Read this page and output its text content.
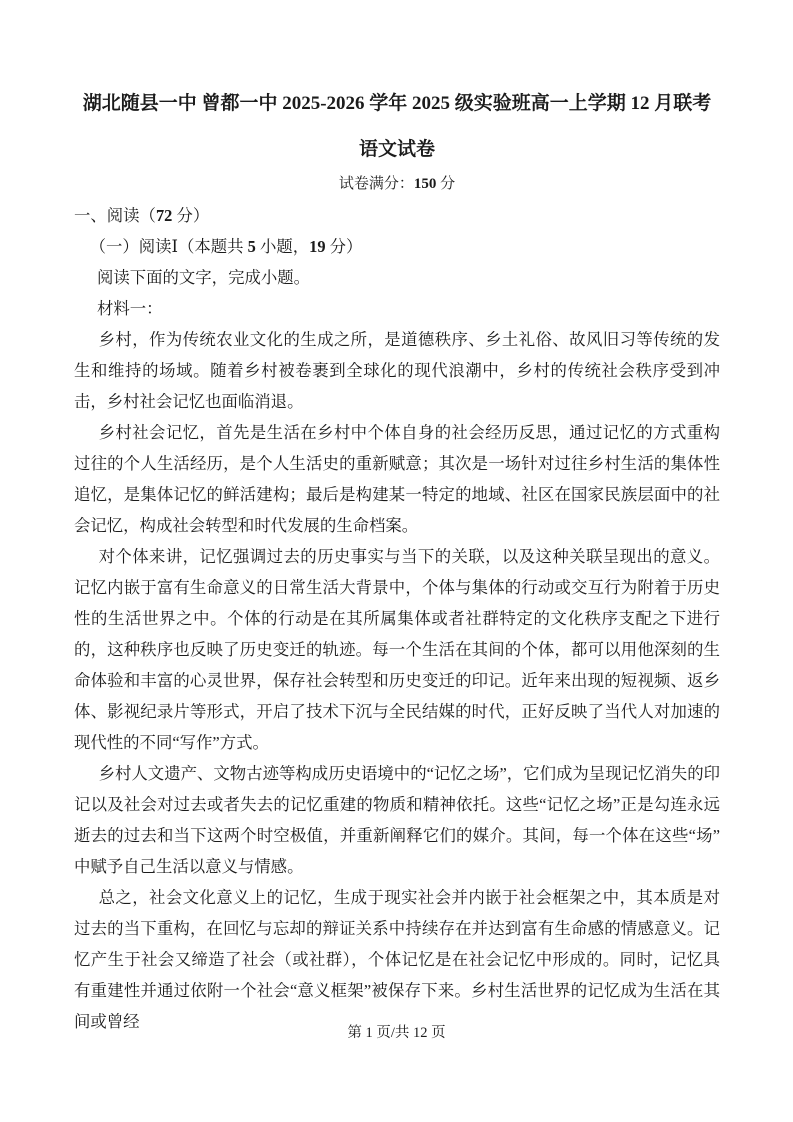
湖北随县一中 曾都一中 2025-2026 学年 2025 级实验班高一上学期 12 月联考
语文试卷
试卷满分：150 分
一、阅读（72 分）
（一）阅读Ⅰ（本题共 5 小题，19 分）
阅读下面的文字，完成小题。
材料一：

乡村，作为传统农业文化的生成之所，是道德秩序、乡土礼俗、故风旧习等传统的发生和维持的场域。随着乡村被卷裹到全球化的现代浪潮中，乡村的传统社会秩序受到冲击，乡村社会记忆也面临消退。

乡村社会记忆，首先是生活在乡村中个体自身的社会经历反思，通过记忆的方式重构过往的个人生活经历，是个人生活史的重新赋意；其次是一场针对过往乡村生活的集体性追忆，是集体记忆的鲜活建构；最后是构建某一特定的地域、社区在国家民族层面中的社会记忆，构成社会转型和时代发展的生命档案。

对个体来讲，记忆强调过去的历史事实与当下的关联，以及这种关联呈现出的意义。记忆内嵌于富有生命意义的日常生活大背景中，个体与集体的行动或交互行为附着于历史性的生活世界之中。个体的行动是在其所属集体或者社群特定的文化秩序支配之下进行的，这种秩序也反映了历史变迁的轨迹。每一个生活在其间的个体，都可以用他深刻的生命体验和丰富的心灵世界，保存社会转型和历史变迁的印记。近年来出现的短视频、返乡体、影视纪录片等形式，开启了技术下沉与全民结媒的时代，正好反映了当代人对加速的现代性的不同“写作”方式。

乡村人文遗产、文物古迹等构成历史语境中的“记忆之场”，它们成为呈现记忆消失的印记以及社会对过去或者失去的记忆重建的物质和精神依托。这些“记忆之场”正是勾连永远逝去的过去和当下这两个时空极值，并重新阐释它们的媒介。其间，每一个体在这些“场”中赋予自己生活以意义与情感。

总之，社会文化意义上的记忆，生成于现实社会并内嵌于社会框架之中，其本质是对过去的当下重构，在回忆与忘却的辩证关系中持续存在并达到富有生命感的情感意义。记忆产生于社会又缔造了社会（或社群），个体记忆是在社会记忆中形成的。同时，记忆具有重建性并通过依附一个社会“意义框架”被保存下来。乡村生活世界的记忆成为生活在其间或曾经

第 1 页/共 12 页
